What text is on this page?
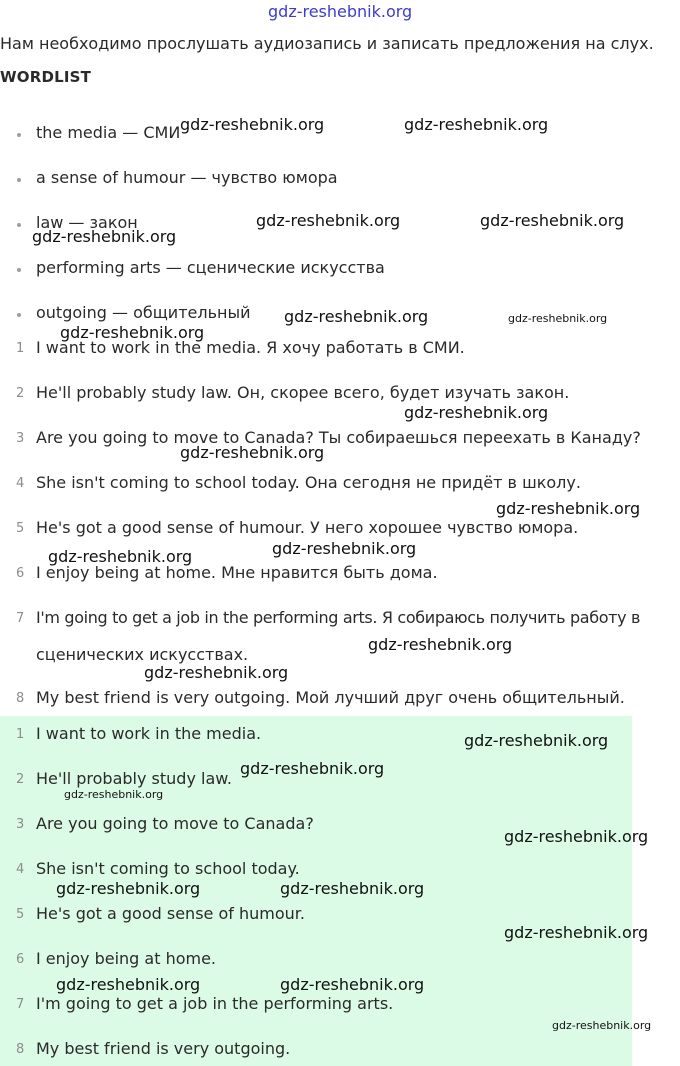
gdz-reshebnik.org
Нам необходимо прослушать аудиозапись и записать предложения на слух.
WORDLIST
the media — СМИ
a sense of humour — чувство юмора
law — закон
performing arts — сценические искусства
outgoing — общительный
1 I want to work in the media. Я хочу работать в СМИ.
2 He'll probably study law. Он, скорее всего, будет изучать закон.
3 Are you going to move to Canada? Ты собираешься переехать в Канаду?
4 She isn't coming to school today. Она сегодня не придёт в школу.
5 He's got a good sense of humour. У него хорошее чувство юмора.
6 I enjoy being at home. Мне нравится быть дома.
7 I'm going to get a job in the performing arts. Я собираюсь получить работу в
сценических искусствах.
8 My best friend is very outgoing. Мой лучший друг очень общительный.
1 I want to work in the media.
2 He'll probably study law.
3 Are you going to move to Canada?
4 She isn't coming to school today.
5 He's got a good sense of humour.
6 I enjoy being at home.
7 I'm going to get a job in the performing arts.
8 My best friend is very outgoing.
gdz-reshebnik.org	gdz-reshebnik.org
gdz-reshebnik.org	gdz-reshebnik.org
gdz-reshebnik.org
gdz-reshebnik.org	gdz-reshebnik.org
gdz-reshebnik.org
gdz-reshebnik.org
gdz-reshebnik.org
gdz-reshebnik.org
gdz-reshebnik.org
gdz-reshebnik.org
gdz-reshebnik.org
gdz-reshebnik.org
gdz-reshebnik.org
gdz-reshebnik.org
gdz-reshebnik.org
gdz-reshebnik.org
gdz-reshebnik.org	gdz-reshebnik.org
gdz-reshebnik.org
gdz-reshebnik.org	gdz-reshebnik.org
gdz-reshebnik.org
